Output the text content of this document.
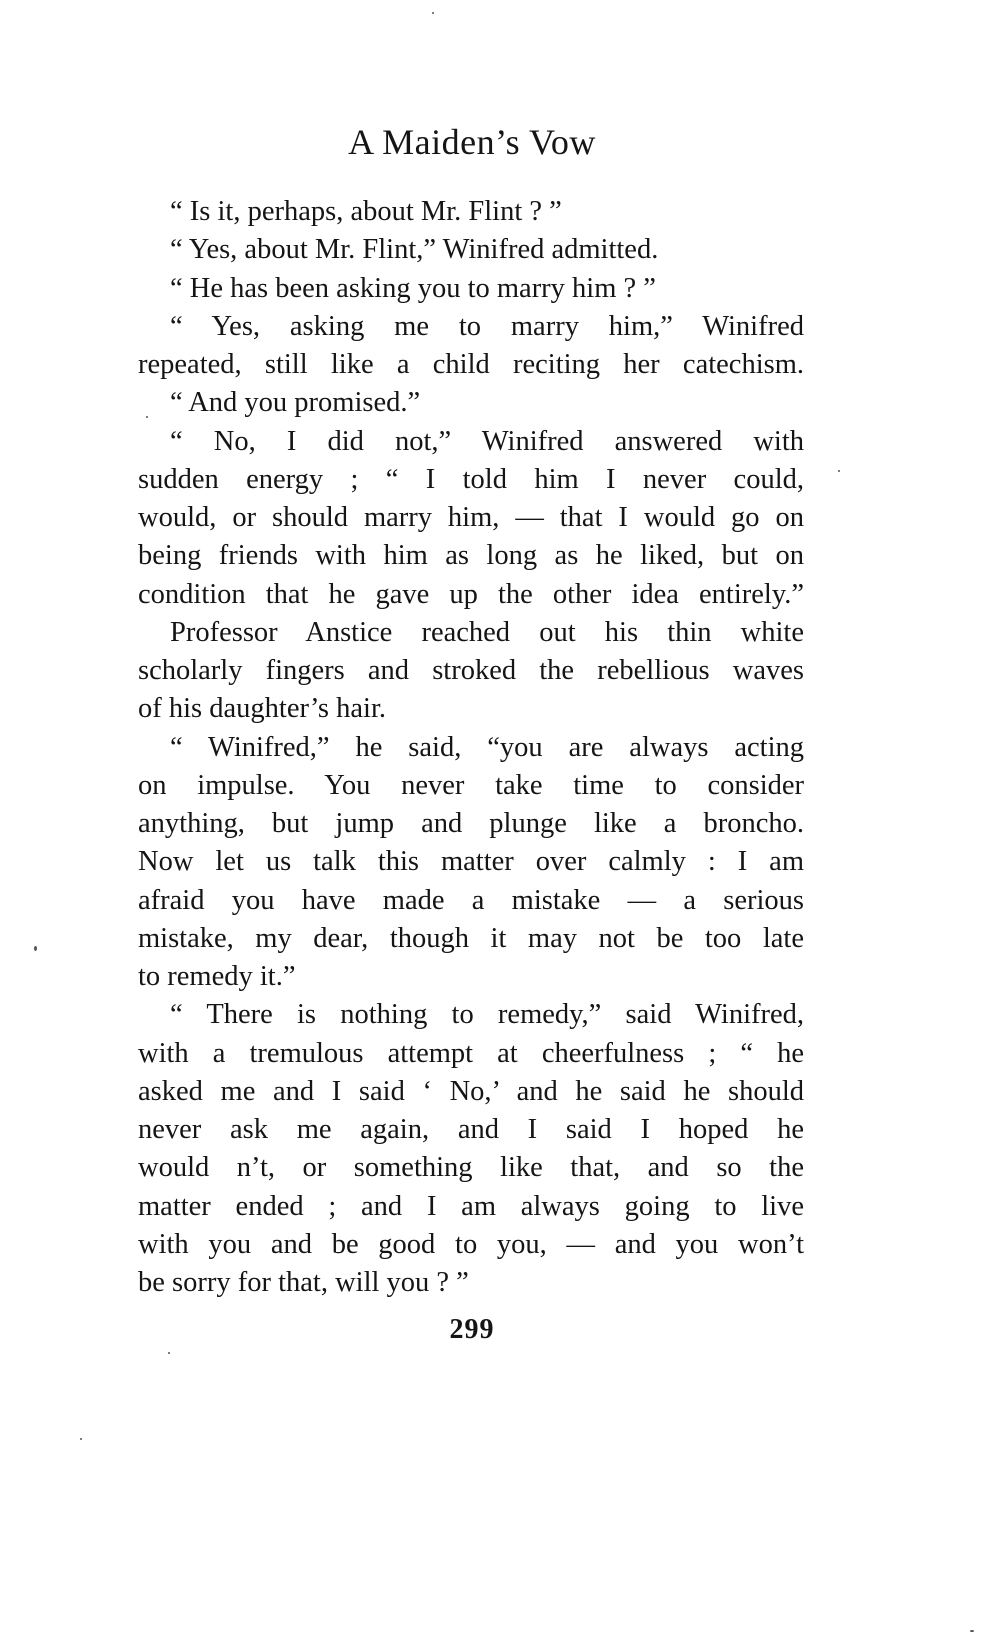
A Maiden’s Vow
“ Is it, perhaps, about Mr. Flint ? ”
“ Yes, about Mr. Flint,” Winifred admitted.
“ He has been asking you to marry him ? ”
“ Yes, asking me to marry him,” Winifred
repeated, still like a child reciting her catechism.
“ And you promised.”
“ No, I did not,” Winifred answered with
sudden energy ; “ I told him I never could,
would, or should marry him, — that I would go on
being friends with him as long as he liked, but on
condition that he gave up the other idea entirely.”
Professor Anstice reached out his thin white
scholarly fingers and stroked the rebellious waves
of his daughter’s hair.
“ Winifred,” he said, “you are always acting
on impulse. You never take time to consider
anything, but jump and plunge like a broncho.
Now let us talk this matter over calmly : I am
afraid you have made a mistake — a serious
mistake, my dear, though it may not be too late
to remedy it.”
“ There is nothing to remedy,” said Winifred,
with a tremulous attempt at cheerfulness ; “ he
asked me and I said ‘ No,’ and he said he should
never ask me again, and I said I hoped he
would n’t, or something like that, and so the
matter ended ; and I am always going to live
with you and be good to you, — and you won’t
be sorry for that, will you ? ”
299
